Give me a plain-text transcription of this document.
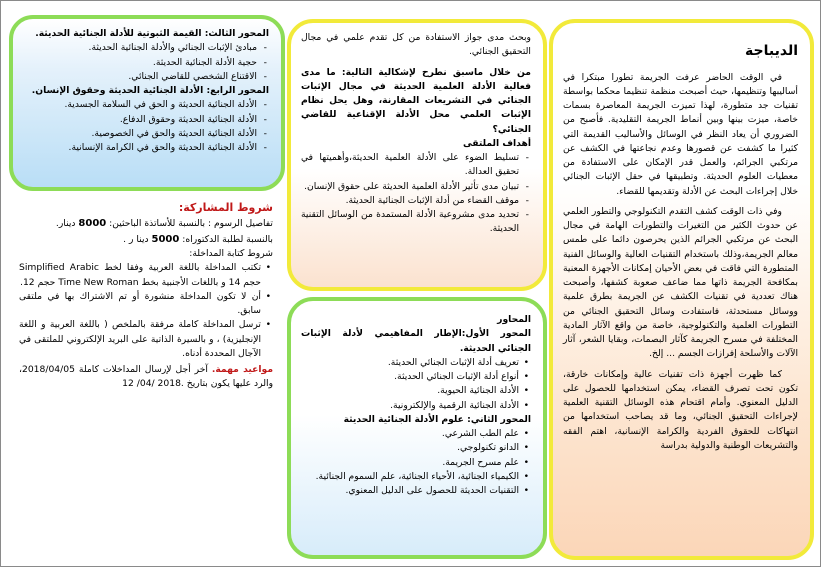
الديباجة

في الوقت الحاضر عرفت الجريمة تطورا مبتكرا في أساليبها وتنظيمها، حيث أصبحت منظمة تنظيما محكما بواسطة تقنيات جد متطورة، لهذا تميزت الجريمة المعاصرة بسمات خاصة، ميزت بينها وبين أنماط الجريمة التقليدية. فأصبح من الضروري أن يعاد النظر في الوسائل والأساليب القديمة التي كثيرا ما كشفت عن قصورها وعدم نجاعتها في الكشف عن مرتكبي الجرائم، والعمل قدر الإمكان على الاستفادة من معطيات العلوم الحديثة. وتطبيقها في حقل الإثبات الجنائي خلال إجراءات البحث عن الأدلة وتقديمها للقضاء.

وفي ذات الوقت كشف التقدم التكنولوجي والتطور العلمي عن حدوث الكثير من التغيرات والتطورات الهامة في مجال البحث عن مرتكبي الجرائم الذين يحرصون دائما على طمس معالم الجريمة،وذلك باستخدام التقنيات العالية والوسائل الفنية المتطورة التي فاقت في بعض الأحيان إمكانات الأجهزة المعنية بمكافحة الجريمة ذاتها مما ضاعف صعوبة كشفها، وأصبحت هناك تعددية في تقنيات الكشف عن الجريمة بطرق علمية ووسائل مستحدثة، فاستفادت وسائل التحقيق الجنائي من التطورات العلمية والتكنولوجية، خاصة من واقع الآثار المادية المختلفة في مسرح الجريمة كآثار البصمات، وبقايا الشعر، آثار الآلات والأسلحة إفرازات الجسم ... إلخ.

كما ظهرت أجهزة ذات تقنيات عالية وإمكانات خارقة، تكون تحت تصرف القضاء، يمكن استخدامها للحصول على الدليل المعنوي. وأمام اقتحام هذه الوسائل التقنية العلمية لإجراءات التحقيق الجنائي، وما قد يصاحب استخدامها من انتهاكات للحقوق الفردية والكرامة الإنسانية، اهتم الفقه والتشريعات الوطنية والدولية بدراسة

وبحث مدى جواز الاستفادة من كل تقدم علمي في مجال التحقيق الجنائي.

من خلال ماسبق نطرح لإشكالية التالية: ما مدى فعالية الأدلة العلمية الحديثة في مجال الإثبات الجنائي في التشريعات المقارنة، وهل يحل نظام الإثبات العلمي محل الأدلة الإقناعية للقاضي الجنائي؟

أهداف الملتقى

- تسليط الضوء على الأدلة العلمية الحديثة،وأهميتها في تحقيق العدالة.
- تبيان مدى تأثير الأدلة العلمية الحديثة على حقوق الإنسان.
- موقف القضاء من أدلة الإثبات الجنائية الحديثة.
- تحديد مدى مشروعية الأدلة المستمدة من الوسائل التقنية الحديثة.

المحاور

المحور الأول:الإطار المفاهيمي لأدلة الإثبات الجنائي الحديثة.

• تعريف أدلة الإثبات الجنائي الحديثة.
• أنواع أدلة الإثبات الجنائي الحديثة.
• الأدلة الجنائية الحيوية.
• الأدلة الجنائية الرقمية والإلكترونية.

المحور الثاني: علوم الأدلة الجنائية الحديثة

• علم الطب الشرعي.
• الدانو تكنولوجي.
• علم مسرح الجريمة.
• الكيمياء الجنائية، الأحياء الجنائية، علم السموم الجنائية.
• التقنيات الحديثة للحصول على الدليل المعنوي.

المحور الثالث: القيمة الثبوتية للأدلة الجنائية الحديثة.

- مبادئ الإثبات الجنائي والأدلة الجنائية الحديثة.
- حجية الأدلة الجنائية الحديثة.
- الاقتناع الشخصي للقاضي الجنائي.

المحور الرابع: الأدلة الجنائية الحديثة وحقوق الإنسان.

- الأدلة الجنائية الحديثة و الحق في السلامة الجسدية.
- الأدلة الجنائية الحديثة وحقوق الدفاع.
- الأدلة الجنائية الحديثة والحق في الخصوصية.
- الأدلة الجنائية الحديثة والحق في الكرامة الإنسانية.

شروط المشاركة:

تفاصيل الرسوم : بالنسبة للأساتذة الباحثين: 8000 دينار.

بالنسبة لطلبة الدكتوراه: 5000 دينا ر .

شروط كتابة المداخلة:

• تكتب المداخلة باللغة العربية وفقا لخط Simplified Arabic حجم 14 و باللغات الأجنبية بخط Time New Roman حجم 12.
• أن لا تكون المداخلة منشورة أو تم الاشتراك بها في ملتقى سابق.
• ترسل المداخلة كاملة مرفقة بالملخص ( باللغة العربية و اللغة الإنجليزية) ، و بالسيرة الذاتية على البريد الإلكتروني للملتقى في الآجال المحددة أدناه.

مواعيد مهمة. آخر أجل لإرسال المداخلات كاملة 2018/04/05، والرد عليها يكون بتاريخ 12 /04/ 2018.
